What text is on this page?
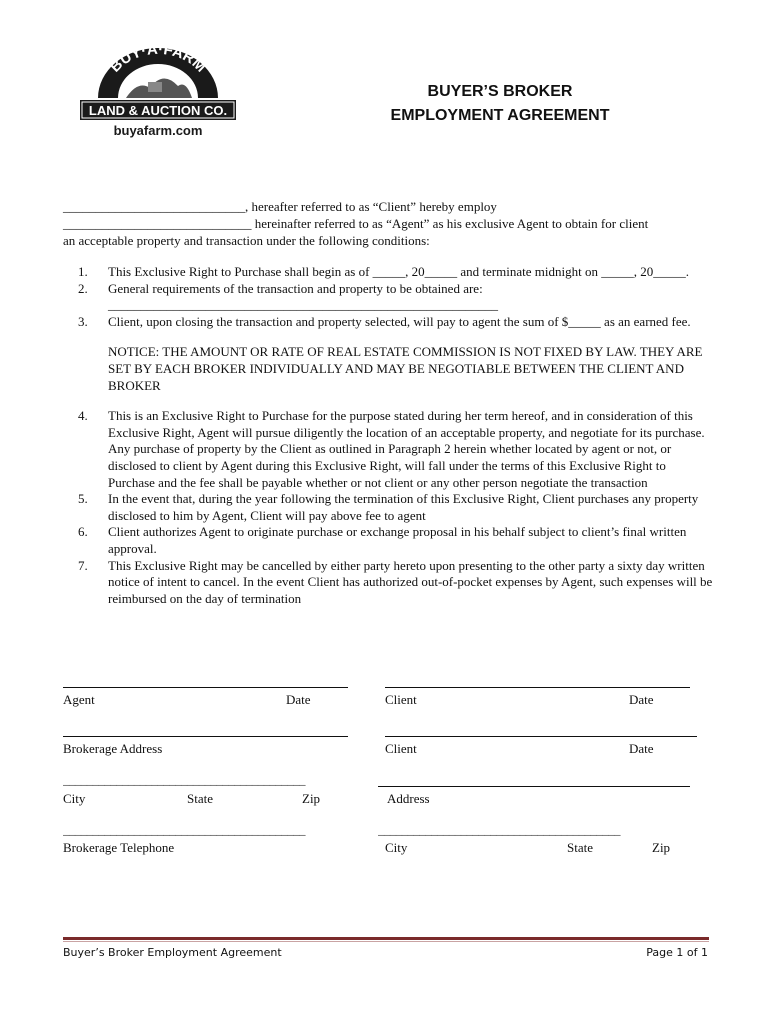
BUY·A·FARM
LAND & AUCTION CO.
buyafarm.com
BUYER’S BROKER
EMPLOYMENT AGREEMENT
____________________________, hereafter referred to as “Client” hereby employ
_____________________________ hereinafter referred to as “Agent” as his exclusive Agent to obtain for client
an acceptable property and transaction under the following conditions:
1.	This Exclusive Right to Purchase shall begin as of _____, 20_____ and terminate midnight on _____, 20_____.
2.	General requirements of the transaction and property to be obtained are: ____________________________________________________________
3.	Client, upon closing the transaction and property selected, will pay to agent the sum of $_____ as an earned fee.
NOTICE: THE AMOUNT OR RATE OF REAL ESTATE COMMISSION IS NOT FIXED BY LAW. THEY ARE SET BY EACH BROKER INDIVIDUALLY AND MAY BE NEGOTIABLE BETWEEN THE CLIENT AND BROKER
4.	This is an Exclusive Right to Purchase for the purpose stated during her term hereof, and in consideration of this Exclusive Right, Agent will pursue diligently the location of an acceptable property, and negotiate for its purchase. Any purchase of property by the Client as outlined in Paragraph 2 herein whether located by agent or not, or disclosed to client by Agent during this Exclusive Right, will fall under the terms of this Exclusive Right to Purchase and the fee shall be payable whether or not client or any other person negotiate the transaction
5.	In the event that, during the year following the termination of this Exclusive Right, Client purchases any property disclosed to him by Agent, Client will pay above fee to agent
6.	Client authorizes Agent to originate purchase or exchange proposal in his behalf subject to client’s final written approval.
7.	This Exclusive Right may be cancelled by either party hereto upon presenting to the other party a sixty day written notice of intent to cancel. In the event Client has authorized out-of-pocket expenses by Agent, such expenses will be reimbursed on the day of termination
Agent	Date	Client	Date
Brokerage Address	Client	Date
_________________________________________
City	State	Zip	Address
_________________________________________	_________________________________________
Brokerage Telephone	City	State	Zip
Buyer’s Broker Employment Agreement	Page 1 of 1
